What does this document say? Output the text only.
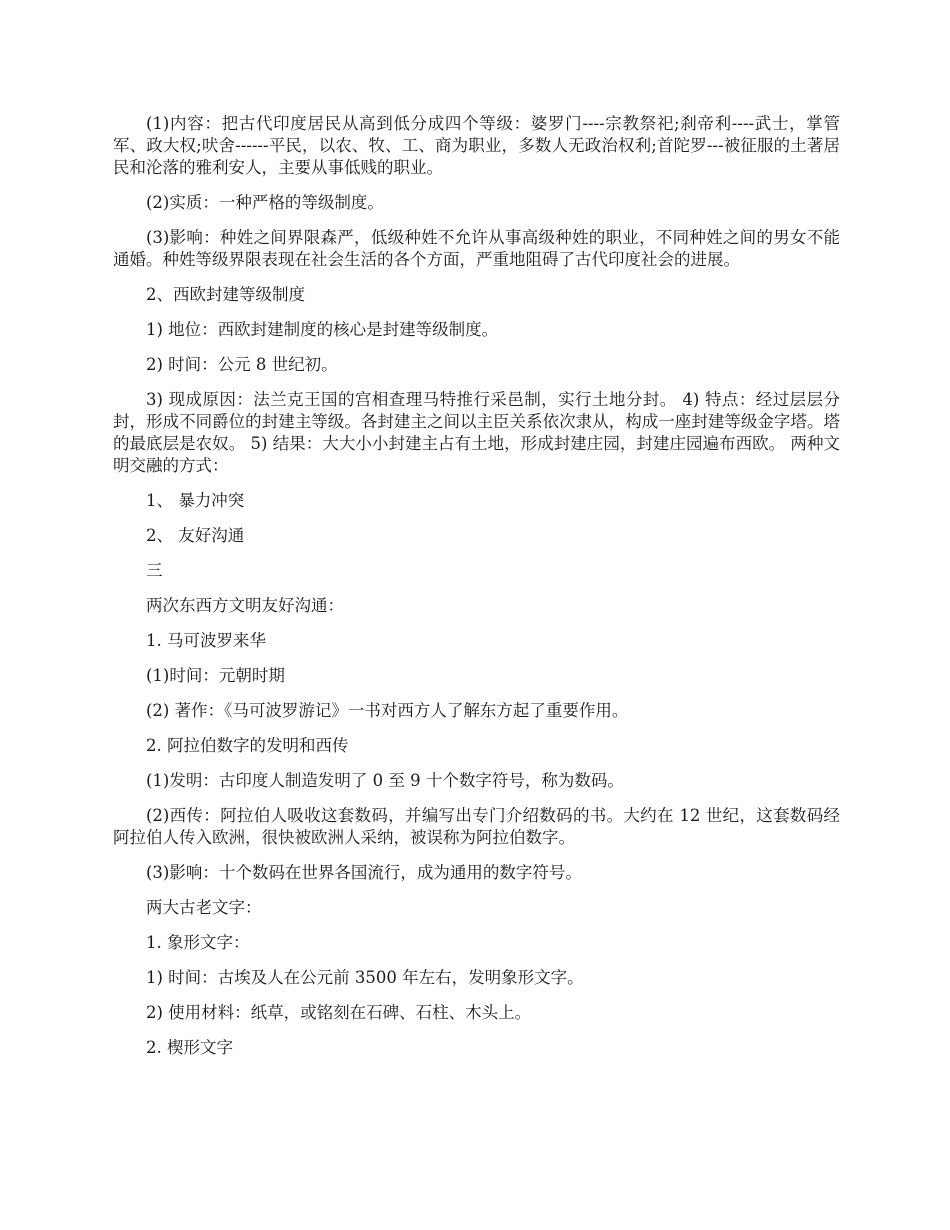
(1)内容：把古代印度居民从高到低分成四个等级：婆罗门----宗教祭祀;刹帝利----武士，掌管军、政大权;吠舍------平民，以农、牧、工、商为职业，多数人无政治权利;首陀罗---被征服的土著居民和沦落的雅利安人，主要从事低贱的职业。

(2)实质：一种严格的等级制度。

(3)影响：种姓之间界限森严，低级种姓不允许从事高级种姓的职业，不同种姓之间的男女不能通婚。种姓等级界限表现在社会生活的各个方面，严重地阻碍了古代印度社会的进展。

2、西欧封建等级制度

1) 地位：西欧封建制度的核心是封建等级制度。

2) 时间：公元 8 世纪初。

3) 现成原因：法兰克王国的宫相查理马特推行采邑制，实行土地分封。 4) 特点：经过层层分封，形成不同爵位的封建主等级。各封建主之间以主臣关系依次隶从，构成一座封建等级金字塔。塔的最底层是农奴。 5) 结果：大大小小封建主占有土地，形成封建庄园，封建庄园遍布西欧。 两种文明交融的方式：

1、 暴力冲突

2、 友好沟通

三

两次东西方文明友好沟通：

1. 马可波罗来华

(1)时间：元朝时期

(2) 著作：《马可波罗游记》一书对西方人了解东方起了重要作用。

2. 阿拉伯数字的发明和西传

(1)发明：古印度人制造发明了 0 至 9 十个数字符号，称为数码。

(2)西传：阿拉伯人吸收这套数码，并编写出专门介绍数码的书。大约在 12 世纪，这套数码经阿拉伯人传入欧洲，很快被欧洲人采纳，被误称为阿拉伯数字。

(3)影响：十个数码在世界各国流行，成为通用的数字符号。

两大古老文字：

1. 象形文字：

1) 时间：古埃及人在公元前 3500 年左右，发明象形文字。

2) 使用材料：纸草，或铭刻在石碑、石柱、木头上。

2. 楔形文字
